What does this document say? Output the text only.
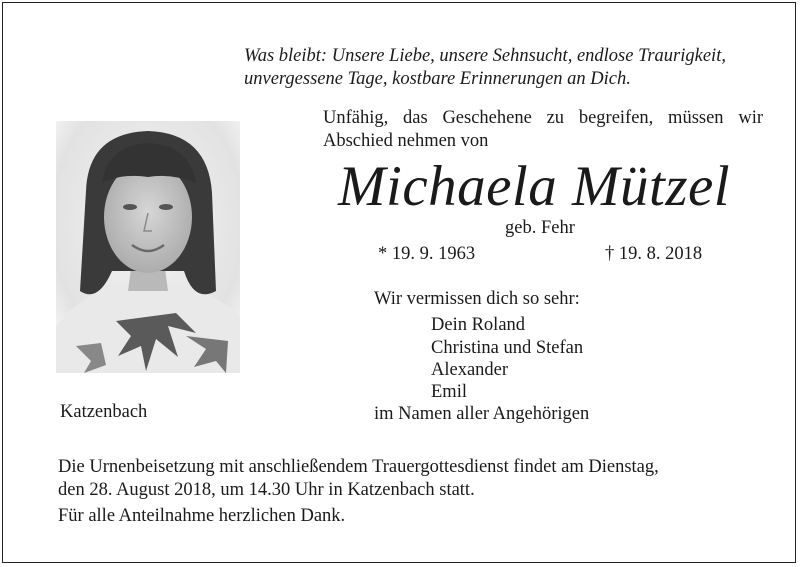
Was bleibt: Unsere Liebe, unsere Sehnsucht, endlose Traurigkeit,
unvergessene Tage, kostbare Erinnerungen an Dich.
Unfähig, das Geschehene zu begreifen, müssen wir
Abschied nehmen von
Michaela Mützel
geb. Fehr
* 19. 9. 1963	† 19. 8. 2018
Wir vermissen dich so sehr:
Dein Roland
Christina und Stefan
Alexander
Emil
Katzenbach	im Namen aller Angehörigen
Die Urnenbeisetzung mit anschließendem Trauergottesdienst findet am Dienstag,
den 28. August 2018, um 14.30 Uhr in Katzenbach statt.
Für alle Anteilnahme herzlichen Dank.
